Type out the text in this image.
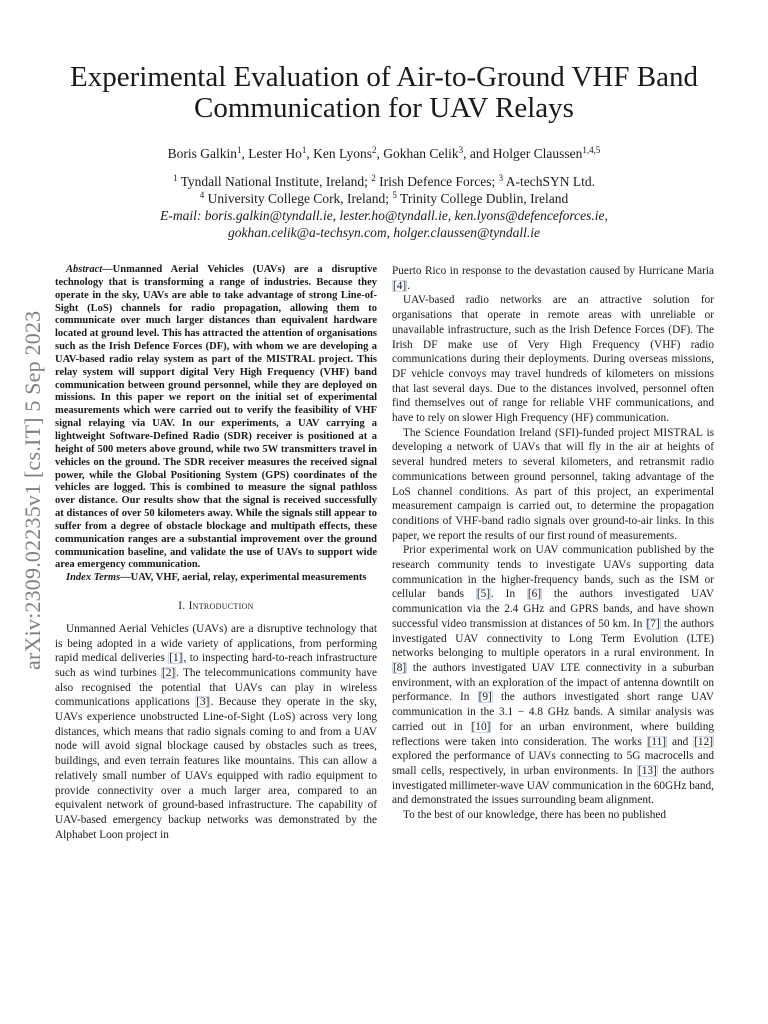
arXiv:2309.02235v1 [cs.IT] 5 Sep 2023
Experimental Evaluation of Air-to-Ground VHF Band Communication for UAV Relays
Boris Galkin$^1$, Lester Ho$^1$, Ken Lyons$^2$, Gokhan Celik$^3$, and Holger Claussen$^{1,4,5}$
$^1$ Tyndall National Institute, Ireland; $^2$ Irish Defence Forces; $^3$ A-techSYN Ltd.
$^4$ University College Cork, Ireland; $^5$ Trinity College Dublin, Ireland
E-mail: boris.galkin@tyndall.ie, lester.ho@tyndall.ie, ken.lyons@defenceforces.ie,
gokhan.celik@a-techsyn.com, holger.claussen@tyndall.ie

Abstract—Unmanned Aerial Vehicles (UAVs) are a disruptive technology that is transforming a range of industries. Because they operate in the sky, UAVs are able to take advantage of strong Line-of-Sight (LoS) channels for radio propagation, allowing them to communicate over much larger distances than equivalent hardware located at ground level. This has attracted the attention of organisations such as the Irish Defence Forces (DF), with whom we are developing a UAV-based radio relay system as part of the MISTRAL project. This relay system will support digital Very High Frequency (VHF) band communication between ground personnel, while they are deployed on missions. In this paper we report on the initial set of experimental measurements which were carried out to verify the feasibility of VHF signal relaying via UAV. In our experiments, a UAV carrying a lightweight Software-Defined Radio (SDR) receiver is positioned at a height of 500 meters above ground, while two 5W transmitters travel in vehicles on the ground. The SDR receiver measures the received signal power, while the Global Positioning System (GPS) coordinates of the vehicles are logged. This is combined to measure the signal pathloss over distance. Our results show that the signal is received successfully at distances of over 50 kilometers away. While the signals still appear to suffer from a degree of obstacle blockage and multipath effects, these communication ranges are a substantial improvement over the ground communication baseline, and validate the use of UAVs to support wide area emergency communication.

Index Terms—UAV, VHF, aerial, relay, experimental measurements

I. Introduction

Unmanned Aerial Vehicles (UAVs) are a disruptive technology that is being adopted in a wide variety of applications, from performing rapid medical deliveries [1], to inspecting hard-to-reach infrastructure such as wind turbines [2]. The telecommunications community have also recognised the potential that UAVs can play in wireless communications applications [3]. Because they operate in the sky, UAVs experience unobstructed Line-of-Sight (LoS) across very long distances, which means that radio signals coming to and from a UAV node will avoid signal blockage caused by obstacles such as trees, buildings, and even terrain features like mountains. This can allow a relatively small number of UAVs equipped with radio equipment to provide connectivity over a much larger area, compared to an equivalent network of ground-based infrastructure. The capability of UAV-based emergency backup networks was demonstrated by the Alphabet Loon project in

Puerto Rico in response to the devastation caused by Hurricane Maria [4].

UAV-based radio networks are an attractive solution for organisations that operate in remote areas with unreliable or unavailable infrastructure, such as the Irish Defence Forces (DF). The Irish DF make use of Very High Frequency (VHF) radio communications during their deployments. During overseas missions, DF vehicle convoys may travel hundreds of kilometers on missions that last several days. Due to the distances involved, personnel often find themselves out of range for reliable VHF communications, and have to rely on slower High Frequency (HF) communication.

The Science Foundation Ireland (SFI)-funded project MISTRAL is developing a network of UAVs that will fly in the air at heights of several hundred meters to several kilometers, and retransmit radio communications between ground personnel, taking advantage of the LoS channel conditions. As part of this project, an experimental measurement campaign is carried out, to determine the propagation conditions of VHF-band radio signals over ground-to-air links. In this paper, we report the results of our first round of measurements.

Prior experimental work on UAV communication published by the research community tends to investigate UAVs supporting data communication in the higher-frequency bands, such as the ISM or cellular bands [5]. In [6] the authors investigated UAV communication via the 2.4 GHz and GPRS bands, and have shown successful video transmission at distances of 50 km. In [7] the authors investigated UAV connectivity to Long Term Evolution (LTE) networks belonging to multiple operators in a rural environment. In [8] the authors investigated UAV LTE connectivity in a suburban environment, with an exploration of the impact of antenna downtilt on performance. In [9] the authors investigated short range UAV communication in the 3.1 − 4.8 GHz bands. A similar analysis was carried out in [10] for an urban environment, where building reflections were taken into consideration. The works [11] and [12] explored the performance of UAVs connecting to 5G macrocells and small cells, respectively, in urban environments. In [13] the authors investigated millimeter-wave UAV communication in the 60GHz band, and demonstrated the issues surrounding beam alignment.

To the best of our knowledge, there has been no published
